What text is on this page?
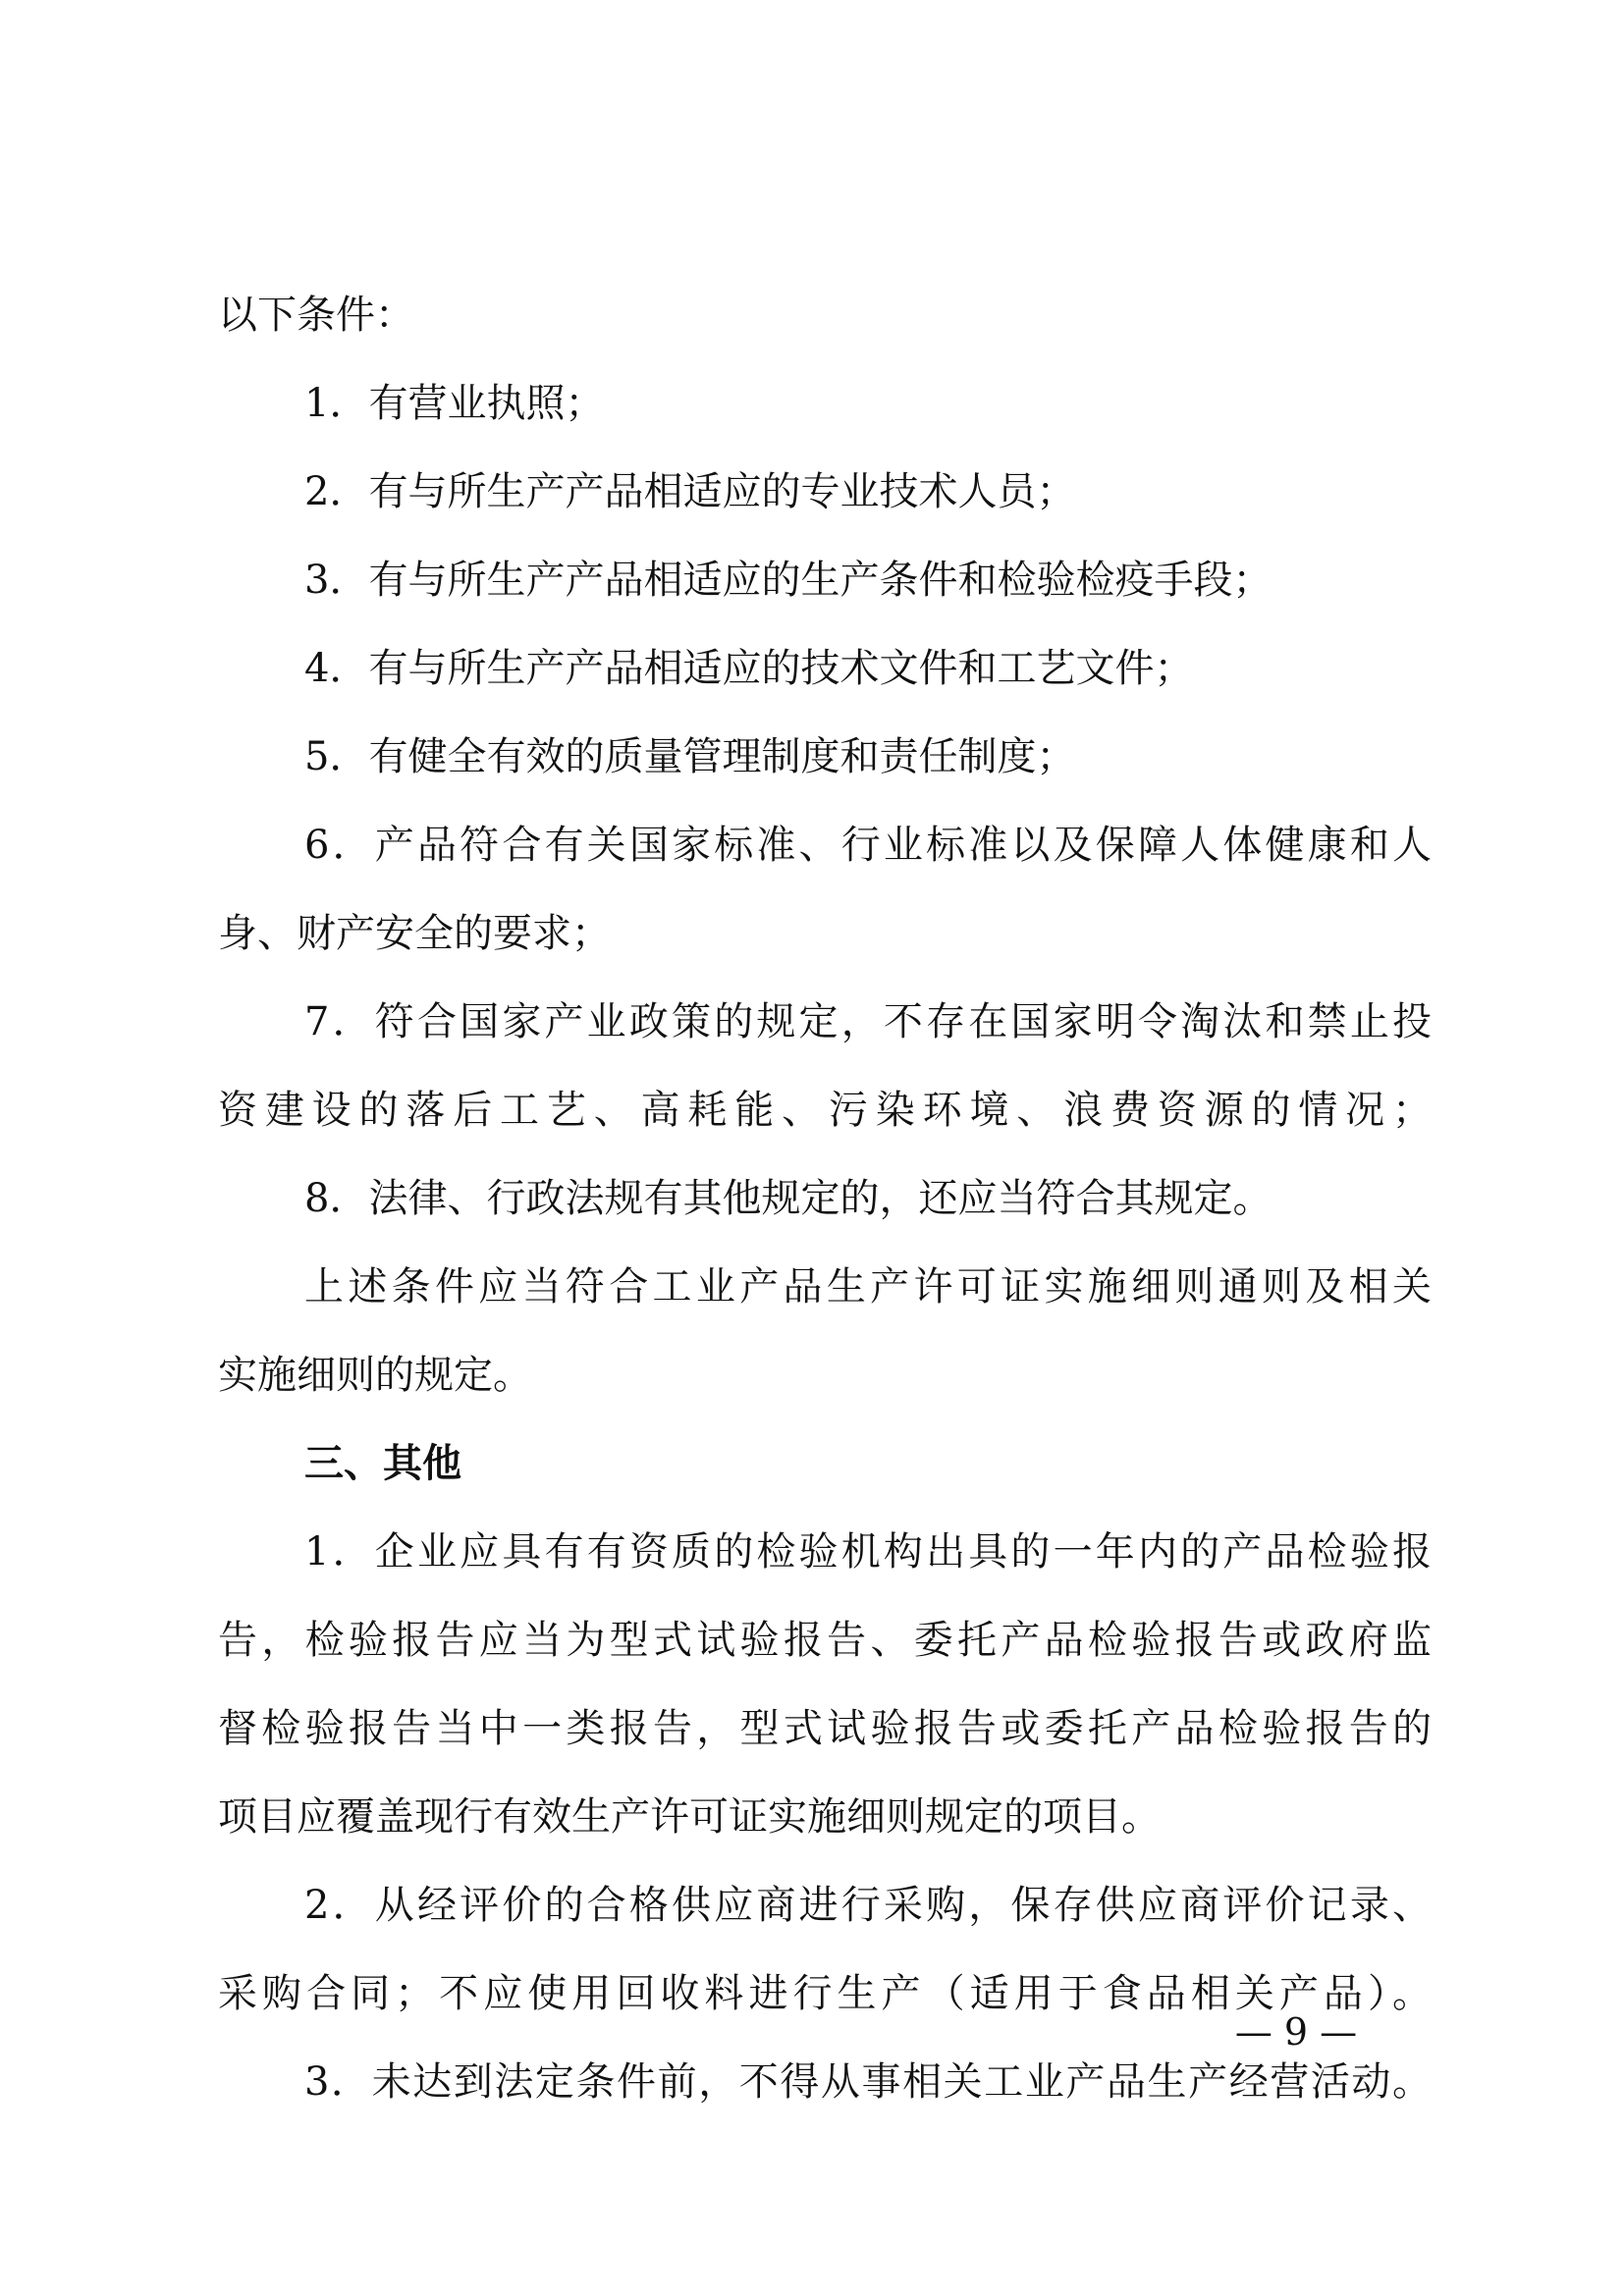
以下条件：
1．有营业执照；
2．有与所生产产品相适应的专业技术人员；
3．有与所生产产品相适应的生产条件和检验检疫手段；
4．有与所生产产品相适应的技术文件和工艺文件；
5．有健全有效的质量管理制度和责任制度；
6．产品符合有关国家标准、行业标准以及保障人体健康和人
身、财产安全的要求；
7．符合国家产业政策的规定，不存在国家明令淘汰和禁止投
资建设的落后工艺、高耗能、污染环境、浪费资源的情况；
8．法律、行政法规有其他规定的，还应当符合其规定。
上述条件应当符合工业产品生产许可证实施细则通则及相关
实施细则的规定。
三、其他
1．企业应具有有资质的检验机构出具的一年内的产品检验报
告，检验报告应当为型式试验报告、委托产品检验报告或政府监
督检验报告当中一类报告，型式试验报告或委托产品检验报告的
项目应覆盖现行有效生产许可证实施细则规定的项目。
2．从经评价的合格供应商进行采购，保存供应商评价记录、
采购合同；不应使用回收料进行生产（适用于食品相关产品）。
3．未达到法定条件前，不得从事相关工业产品生产经营活动。
— 9 —
